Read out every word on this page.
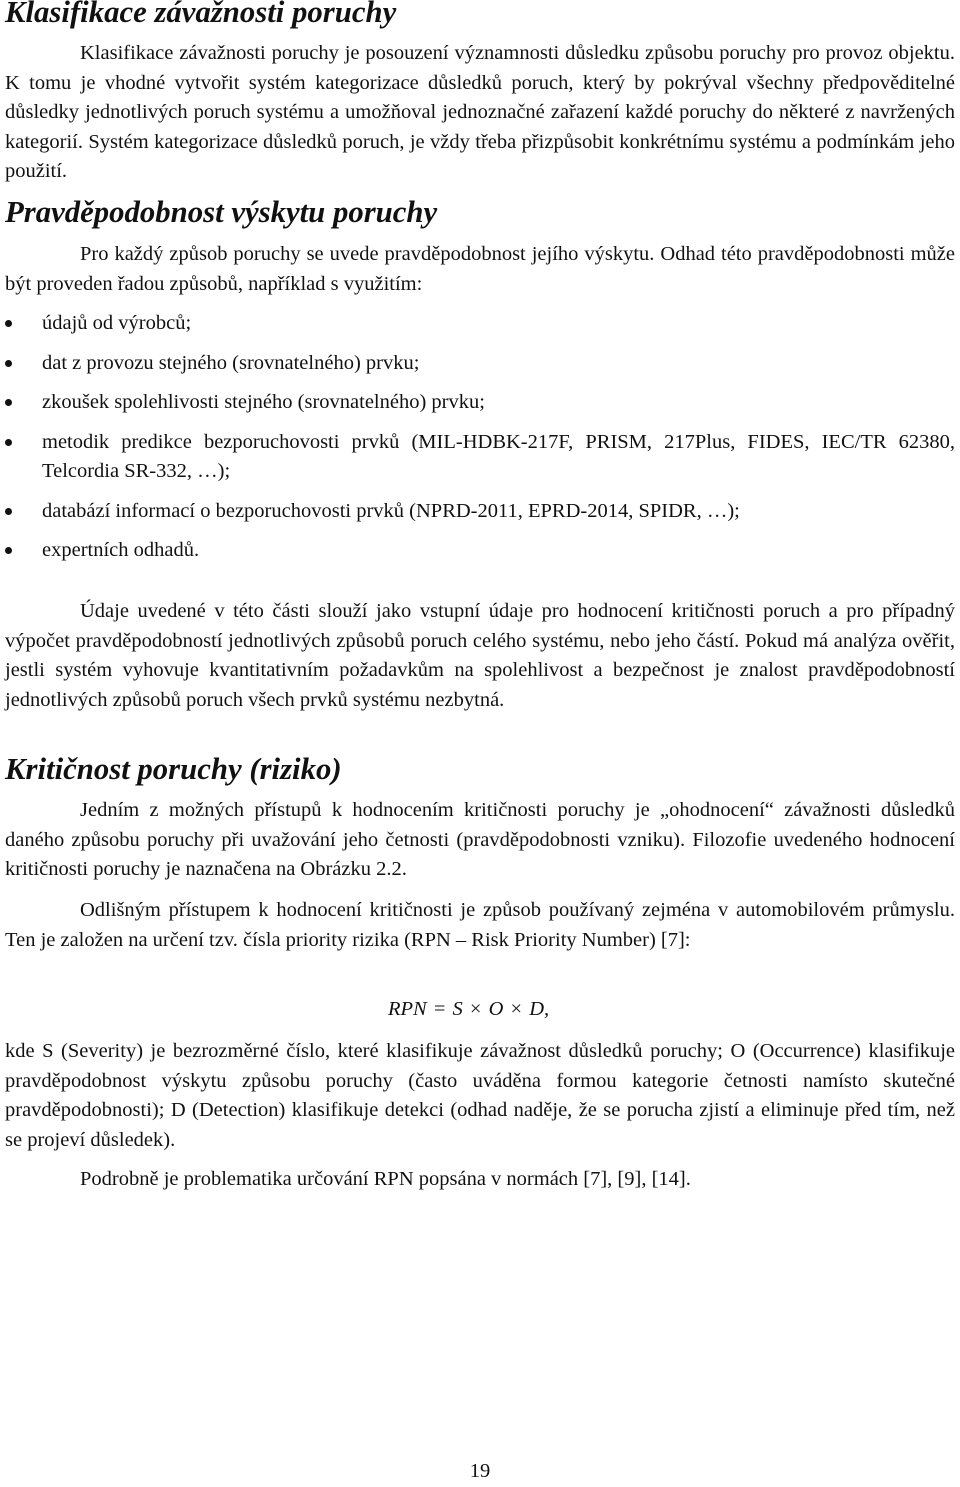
Klasifikace závažnosti poruchy

Klasifikace závažnosti poruchy je posouzení významnosti důsledku způsobu poruchy pro provoz objektu. K tomu je vhodné vytvořit systém kategorizace důsledků poruch, který by pokrýval všechny předpověditelné důsledky jednotlivých poruch systému a umožňoval jednoznačné zařazení každé poruchy do některé z navržených kategorií. Systém kategorizace důsledků poruch, je vždy třeba přizpůsobit konkrétnímu systému a podmínkám jeho použití.

Pravděpodobnost výskytu poruchy

Pro každý způsob poruchy se uvede pravděpodobnost jejího výskytu. Odhad této pravděpodobnosti může být proveden řadou způsobů, například s využitím:

údajů od výrobců;
dat z provozu stejného (srovnatelného) prvku;
zkoušek spolehlivosti stejného (srovnatelného) prvku;
metodik predikce bezporuchovosti prvků (MIL-HDBK-217F, PRISM, 217Plus, FIDES, IEC/TR 62380, Telcordia SR-332, …);
databází informací o bezporuchovosti prvků (NPRD-2011, EPRD-2014, SPIDR, …);
expertních odhadů.

Údaje uvedené v této části slouží jako vstupní údaje pro hodnocení kritičnosti poruch a pro případný výpočet pravděpodobností jednotlivých způsobů poruch celého systému, nebo jeho částí. Pokud má analýza ověřit, jestli systém vyhovuje kvantitativním požadavkům na spolehlivost a bezpečnost je znalost pravděpodobností jednotlivých způsobů poruch všech prvků systému nezbytná.

Kritičnost poruchy (riziko)

Jedním z možných přístupů k hodnocením kritičnosti poruchy je „ohodnocení“ závažnosti důsledků daného způsobu poruchy při uvažování jeho četnosti (pravděpodobnosti vzniku). Filozofie uvedeného hodnocení kritičnosti poruchy je naznačena na Obrázku 2.2.

Odlišným přístupem k hodnocení kritičnosti je způsob používaný zejména v automobilovém průmyslu. Ten je založen na určení tzv. čísla priority rizika (RPN – Risk Priority Number) [7]:

RPN = S × O × D,

kde S (Severity) je bezrozměrné číslo, které klasifikuje závažnost důsledků poruchy; O (Occurrence) klasifikuje pravděpodobnost výskytu způsobu poruchy (často uváděna formou kategorie četnosti namísto skutečné pravděpodobnosti); D (Detection) klasifikuje detekci (odhad naděje, že se porucha zjistí a eliminuje před tím, než se projeví důsledek).

Podrobně je problematika určování RPN popsána v normách [7], [9], [14].

19
